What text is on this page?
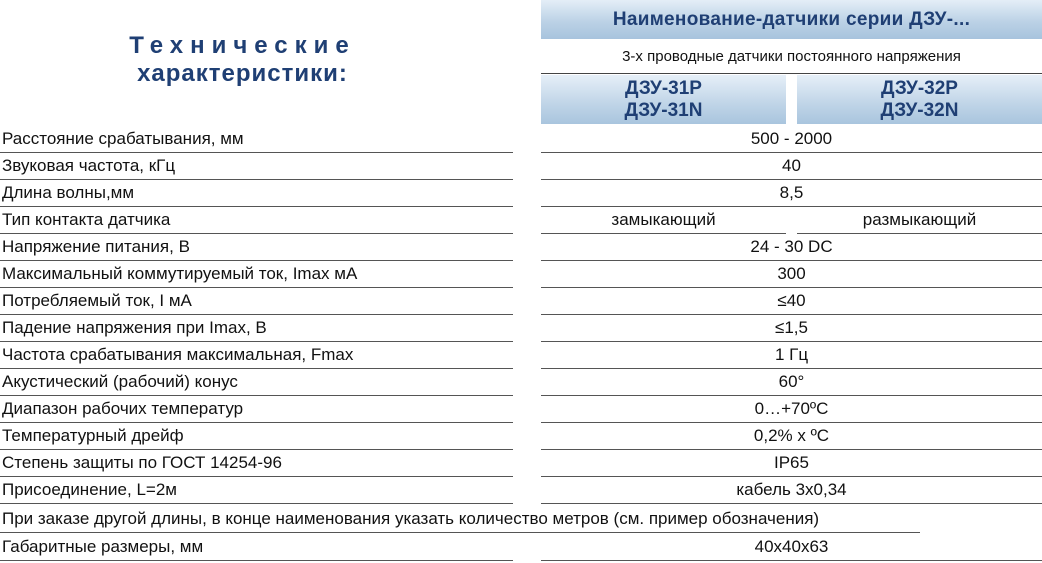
Технические
характеристики:
Наименование-датчики серии ДЗУ-...
3-х проводные датчики постоянного напряжения
ДЗУ-31Р
ДЗУ-31N
ДЗУ-32Р
ДЗУ-32N
Расстояние срабатывания, мм	500 - 2000
Звуковая частота, кГц	40
Длина волны,мм	8,5
Тип контакта датчика	замыкающий	размыкающий
Напряжение питания, В	24 - 30 DC
Максимальный коммутируемый ток, Imax мА	300
Потребляемый ток, I мА	≤40
Падение напряжения при Imax, В	≤1,5
Частота срабатывания максимальная, Fmax	1 Гц
Акустический (рабочий) конус	60°
Диапазон рабочих температур	0…+70ºC
Температурный дрейф	0,2% x ºC
Степень защиты по ГОСТ 14254-96	IP65
Присоединение, L=2м	кабель 3x0,34
При заказе другой длины, в конце наименования указать количество метров (см. пример обозначения)
Габаритные размеры, мм	40x40x63
